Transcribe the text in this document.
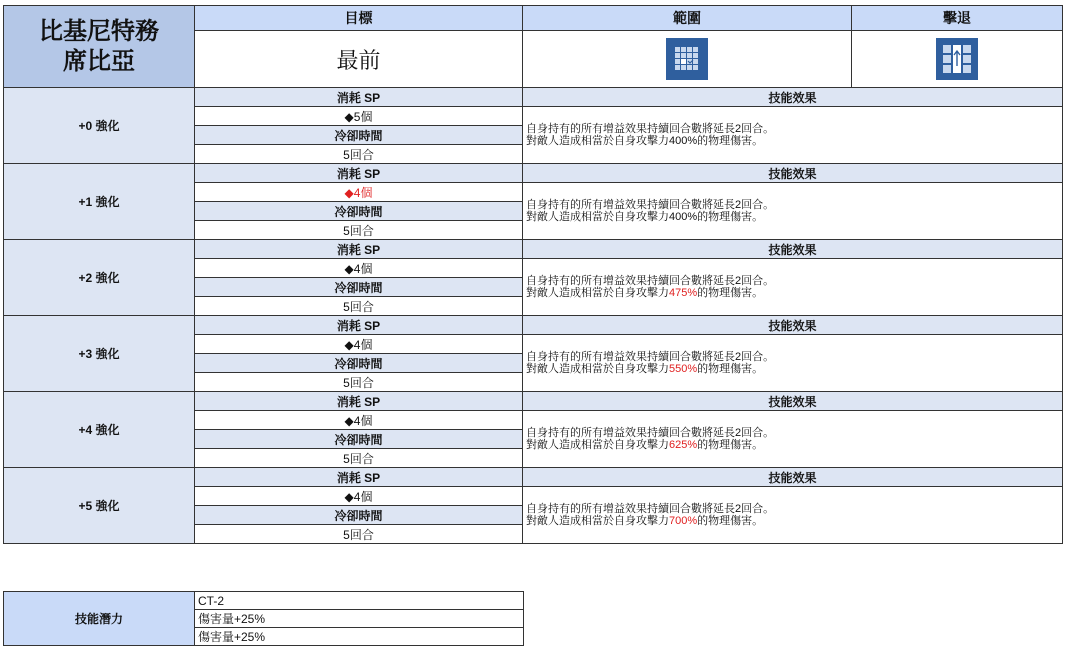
比基尼特務
席比亞	目標	範圍	擊退
	最前		
+0 強化	消耗 SP	技能效果	
	◆5個	自身持有的所有增益效果持續回合數將延長2回合。
對敵人造成相當於自身攻擊力400%的物理傷害。	
	冷卻時間		
	5回合		
+1 強化	消耗 SP	技能效果	
	◆4個	自身持有的所有增益效果持續回合數將延長2回合。
對敵人造成相當於自身攻擊力400%的物理傷害。	
	冷卻時間		
	5回合		
+2 強化	消耗 SP	技能效果	
	◆4個	自身持有的所有增益效果持續回合數將延長2回合。
對敵人造成相當於自身攻擊力475%的物理傷害。	
	冷卻時間		
	5回合		
+3 強化	消耗 SP	技能效果	
	◆4個	自身持有的所有增益效果持續回合數將延長2回合。
對敵人造成相當於自身攻擊力550%的物理傷害。	
	冷卻時間		
	5回合		
+4 強化	消耗 SP	技能效果	
	◆4個	自身持有的所有增益效果持續回合數將延長2回合。
對敵人造成相當於自身攻擊力625%的物理傷害。	
	冷卻時間		
	5回合		
+5 強化	消耗 SP	技能效果	
	◆4個	自身持有的所有增益效果持續回合數將延長2回合。
對敵人造成相當於自身攻擊力700%的物理傷害。	
	冷卻時間		
	5回合		
技能潛力	CT-2
傷害量+25%
傷害量+25%
